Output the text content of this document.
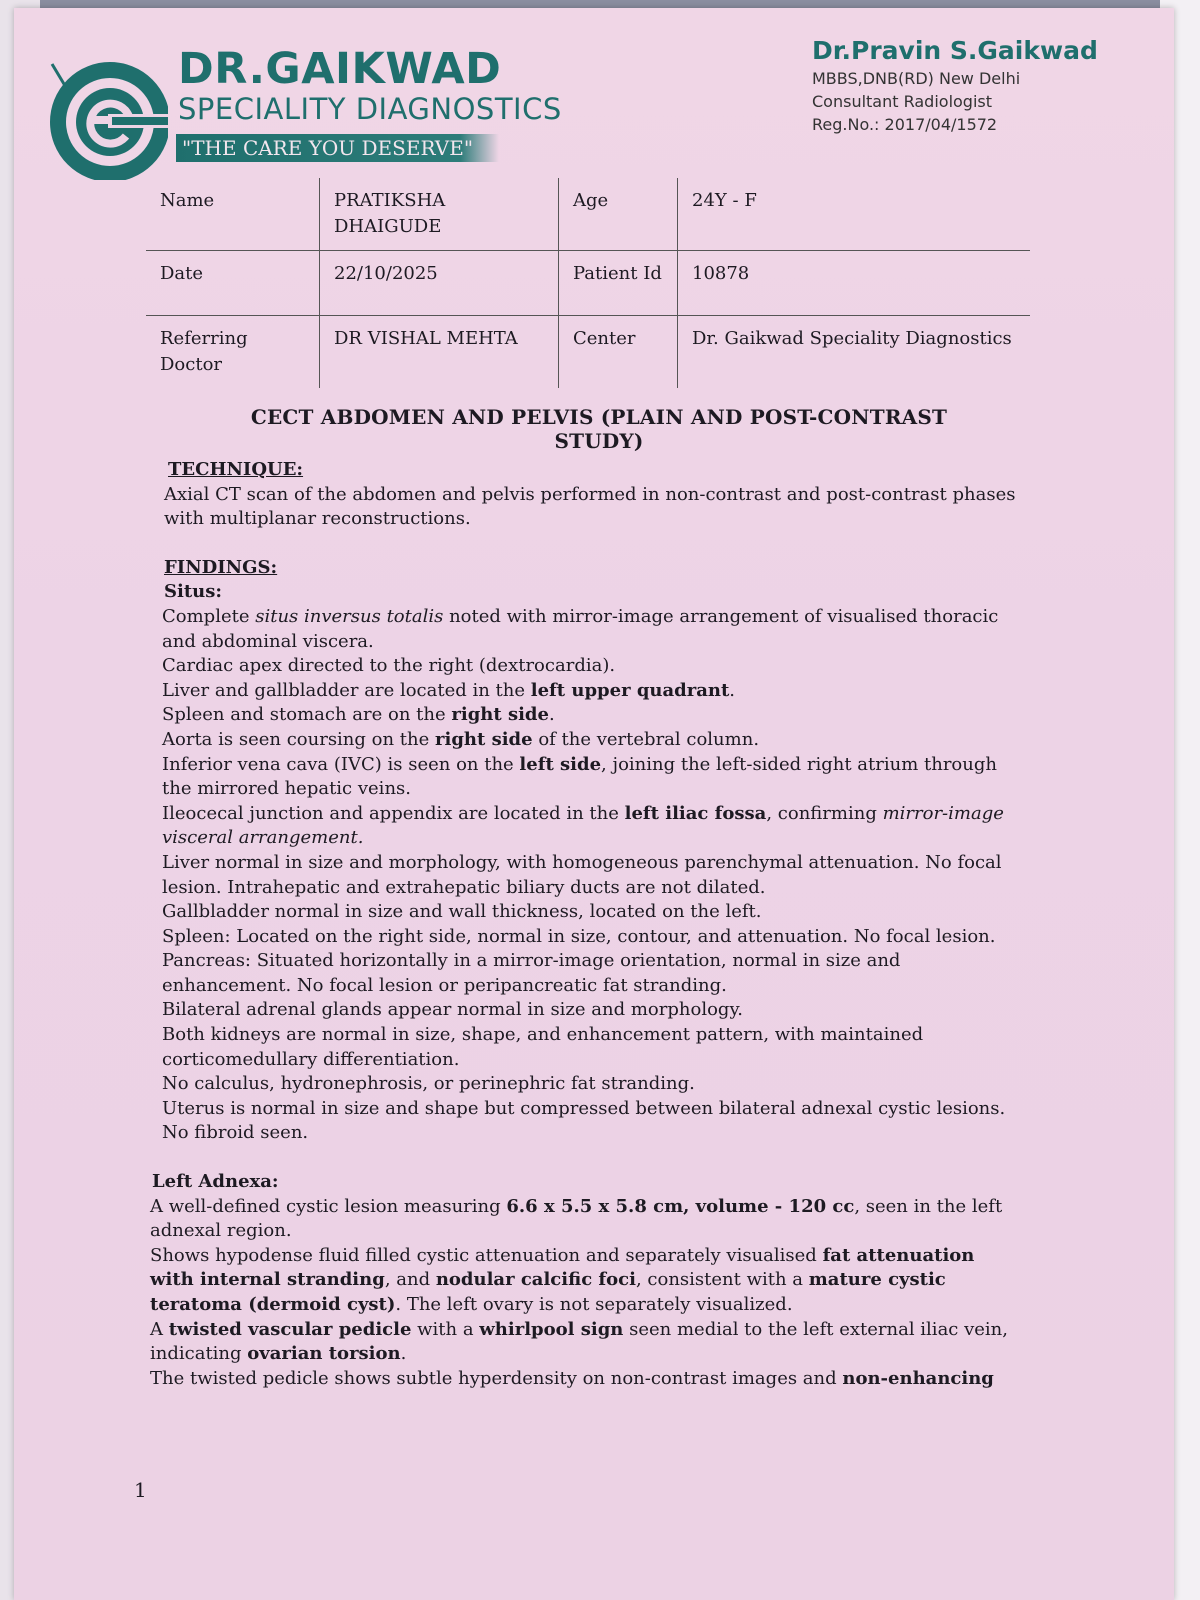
DR.GAIKWAD
SPECIALITY DIAGNOSTICS
"THE CARE YOU DESERVE"
Dr.Pravin S.Gaikwad
MBBS,DNB(RD) New Delhi
Consultant Radiologist
Reg.No.: 2017/04/1572
Name	PRATIKSHA DHAIGUDE	Age	24Y - F
Date	22/10/2025	Patient Id	10878
Referring Doctor	DR VISHAL MEHTA	Center	Dr. Gaikwad Speciality Diagnostics
CECT ABDOMEN AND PELVIS (PLAIN AND POST-CONTRAST STUDY)
TECHNIQUE:

Axial CT scan of the abdomen and pelvis performed in non-contrast and post-contrast phases with multiplanar reconstructions.

FINDINGS:
Situs:

Complete situs inversus totalis noted with mirror-image arrangement of visualised thoracic and abdominal viscera.

Cardiac apex directed to the right (dextrocardia).

Liver and gallbladder are located in the left upper quadrant.

Spleen and stomach are on the right side.

Aorta is seen coursing on the right side of the vertebral column.

Inferior vena cava (IVC) is seen on the left side, joining the left-sided right atrium through the mirrored hepatic veins.

Ileocecal junction and appendix are located in the left iliac fossa, confirming mirror-image visceral arrangement.

Liver normal in size and morphology, with homogeneous parenchymal attenuation. No focal lesion. Intrahepatic and extrahepatic biliary ducts are not dilated.

Gallbladder normal in size and wall thickness, located on the left.

Spleen: Located on the right side, normal in size, contour, and attenuation. No focal lesion.

Pancreas: Situated horizontally in a mirror-image orientation, normal in size and enhancement. No focal lesion or peripancreatic fat stranding.

Bilateral adrenal glands appear normal in size and morphology.

Both kidneys are normal in size, shape, and enhancement pattern, with maintained corticomedullary differentiation.

No calculus, hydronephrosis, or perinephric fat stranding.

Uterus is normal in size and shape but compressed between bilateral adnexal cystic lesions. No fibroid seen.

Left Adnexa:

A well-defined cystic lesion measuring 6.6 x 5.5 x 5.8 cm, volume - 120 cc, seen in the left adnexal region.

Shows hypodense fluid filled cystic attenuation and separately visualised fat attenuation with internal stranding, and nodular calcific foci, consistent with a mature cystic teratoma (dermoid cyst). The left ovary is not separately visualized.

A twisted vascular pedicle with a whirlpool sign seen medial to the left external iliac vein, indicating ovarian torsion.

The twisted pedicle shows subtle hyperdensity on non-contrast images and non-enhancing

1
